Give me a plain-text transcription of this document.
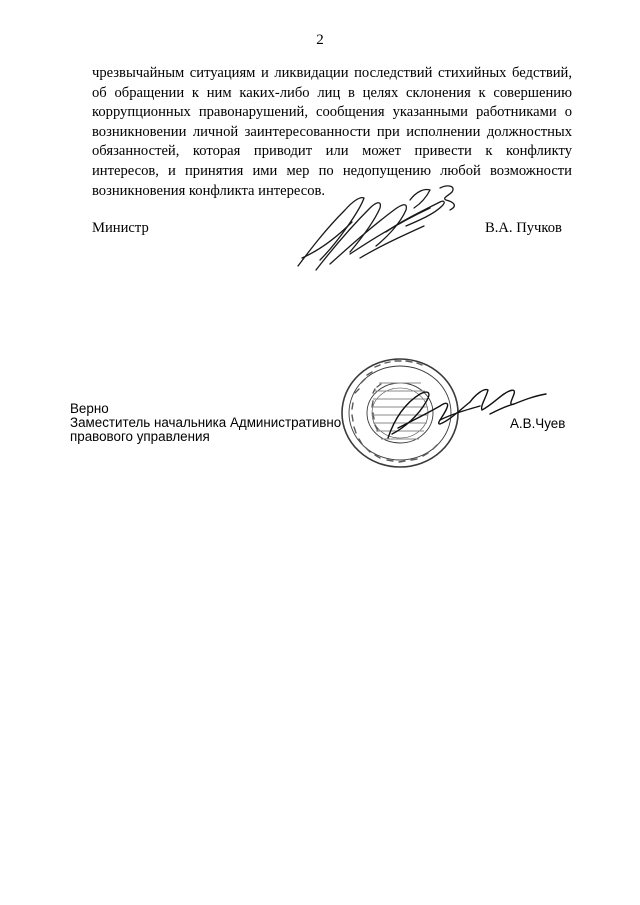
2

чрезвычайным ситуациям и ликвидации последствий стихийных бедствий, об обращении к ним каких-либо лиц в целях склонения к совершению коррупционных правонарушений, сообщения указанными работниками о возникновении личной заинтересованности при исполнении должностных обязанностей, которая приводит или может привести к конфликту интересов, и принятия ими мер по недопущению любой возможности возникновения конфликта интересов.

Министр	В.А. Пучков
Верно
Заместитель начальника Административно
правового управления
А.В.Чуев
